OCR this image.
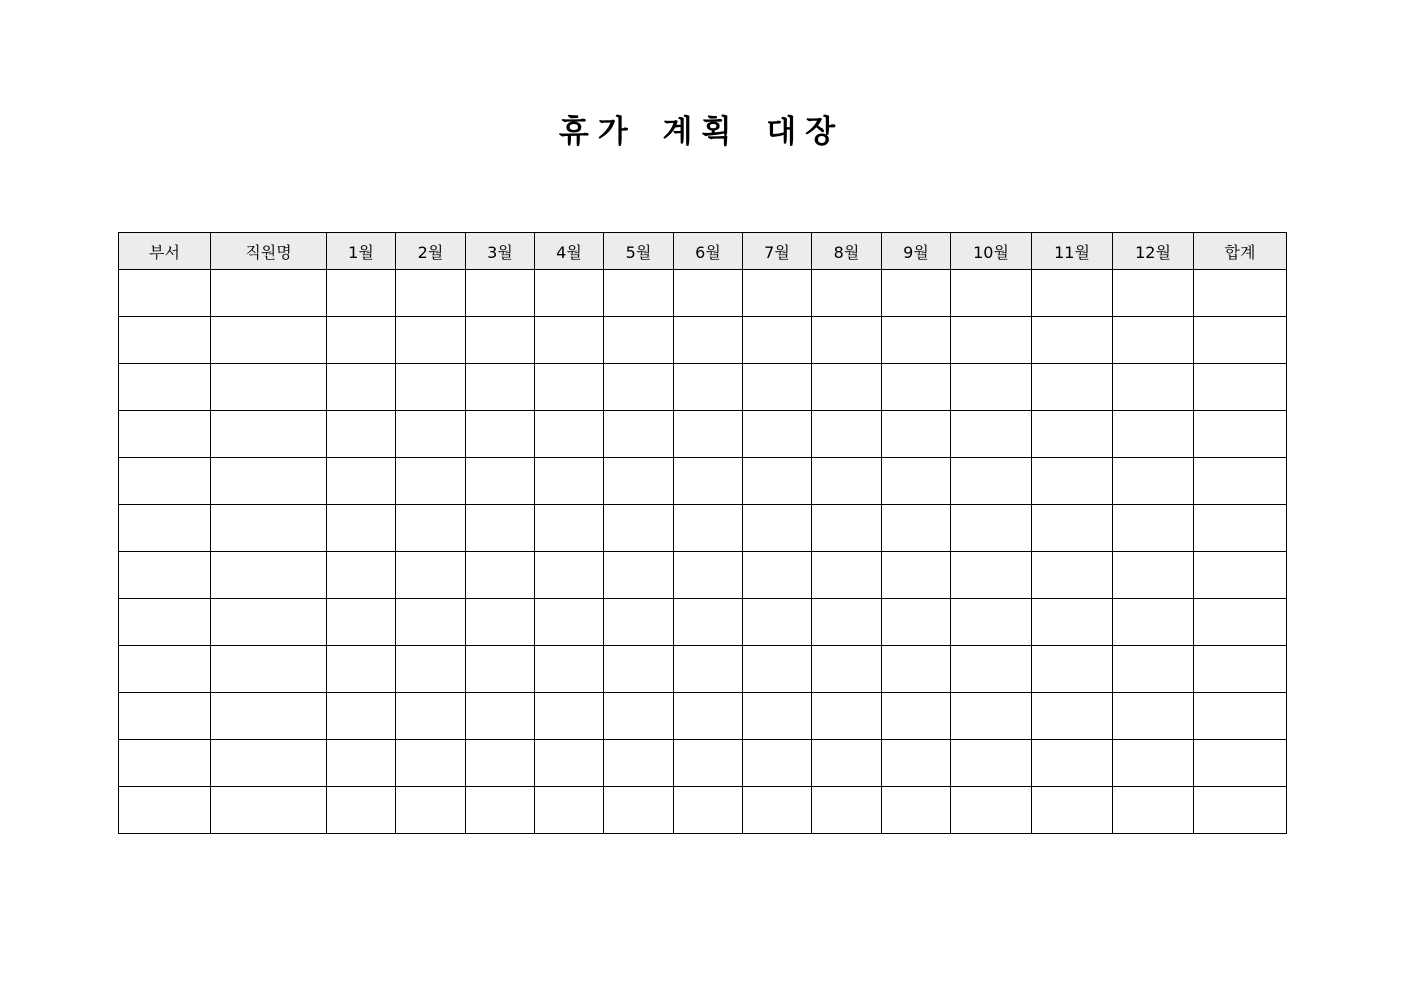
휴가 계획 대장
부서	직원명	1월	2월	3월	4월	5월	6월	7월	8월	9월	10월	11월	12월	합계
